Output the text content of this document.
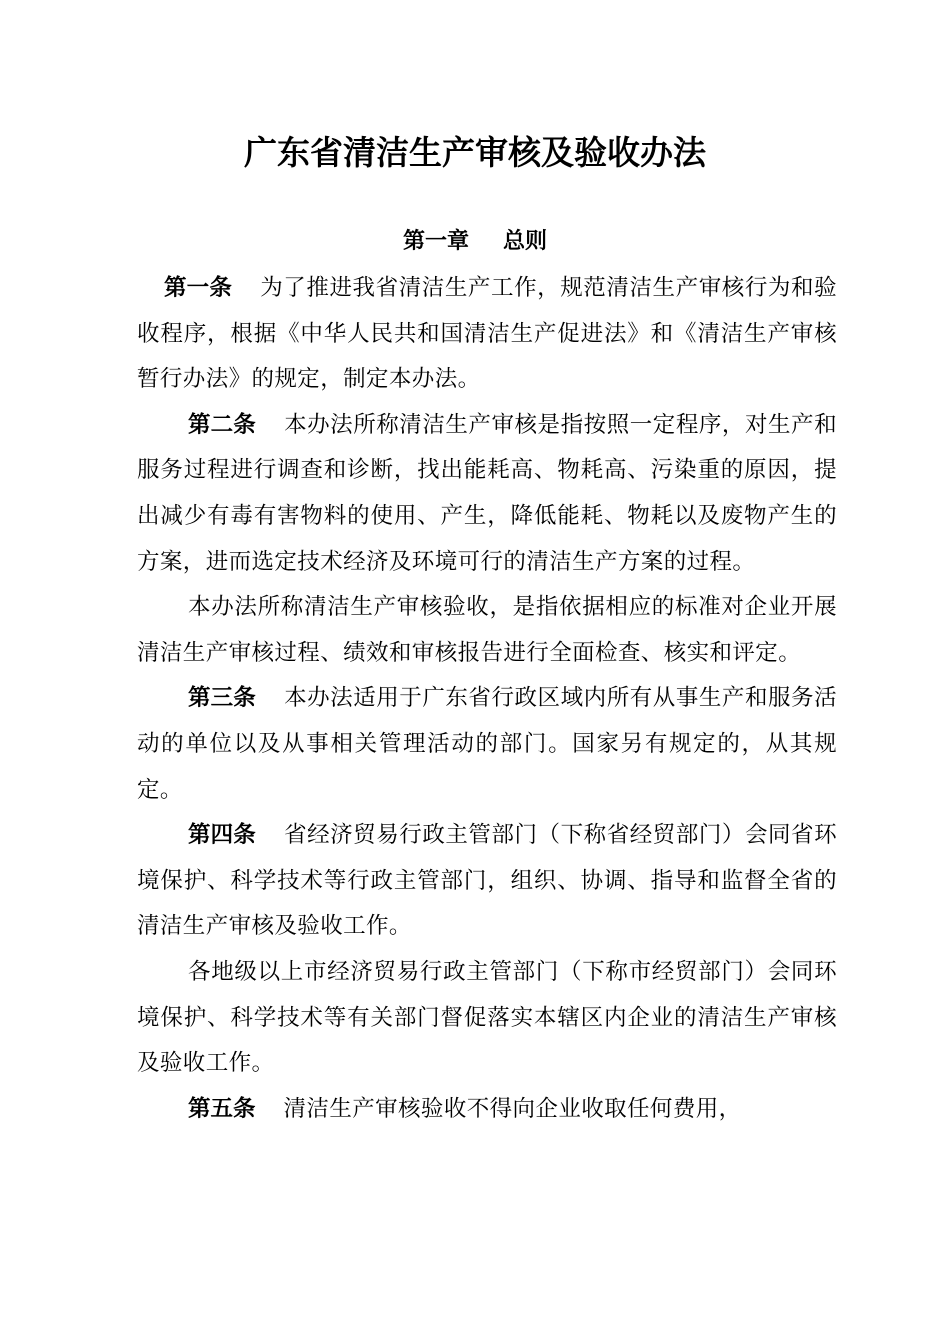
广东省清洁生产审核及验收办法
第一章 总则

第一条 为了推进我省清洁生产工作，规范清洁生产审核行为和验收程序，根据《中华人民共和国清洁生产促进法》和《清洁生产审核暂行办法》的规定，制定本办法。

第二条 本办法所称清洁生产审核是指按照一定程序，对生产和服务过程进行调查和诊断，找出能耗高、物耗高、污染重的原因，提出减少有毒有害物料的使用、产生，降低能耗、物耗以及废物产生的方案，进而选定技术经济及环境可行的清洁生产方案的过程。

本办法所称清洁生产审核验收，是指依据相应的标准对企业开展清洁生产审核过程、绩效和审核报告进行全面检查、核实和评定。

第三条 本办法适用于广东省行政区域内所有从事生产和服务活动的单位以及从事相关管理活动的部门。国家另有规定的，从其规定。

第四条 省经济贸易行政主管部门（下称省经贸部门）会同省环境保护、科学技术等行政主管部门，组织、协调、指导和监督全省的清洁生产审核及验收工作。

各地级以上市经济贸易行政主管部门（下称市经贸部门）会同环境保护、科学技术等有关部门督促落实本辖区内企业的清洁生产审核及验收工作。

第五条 清洁生产审核验收不得向企业收取任何费用，
